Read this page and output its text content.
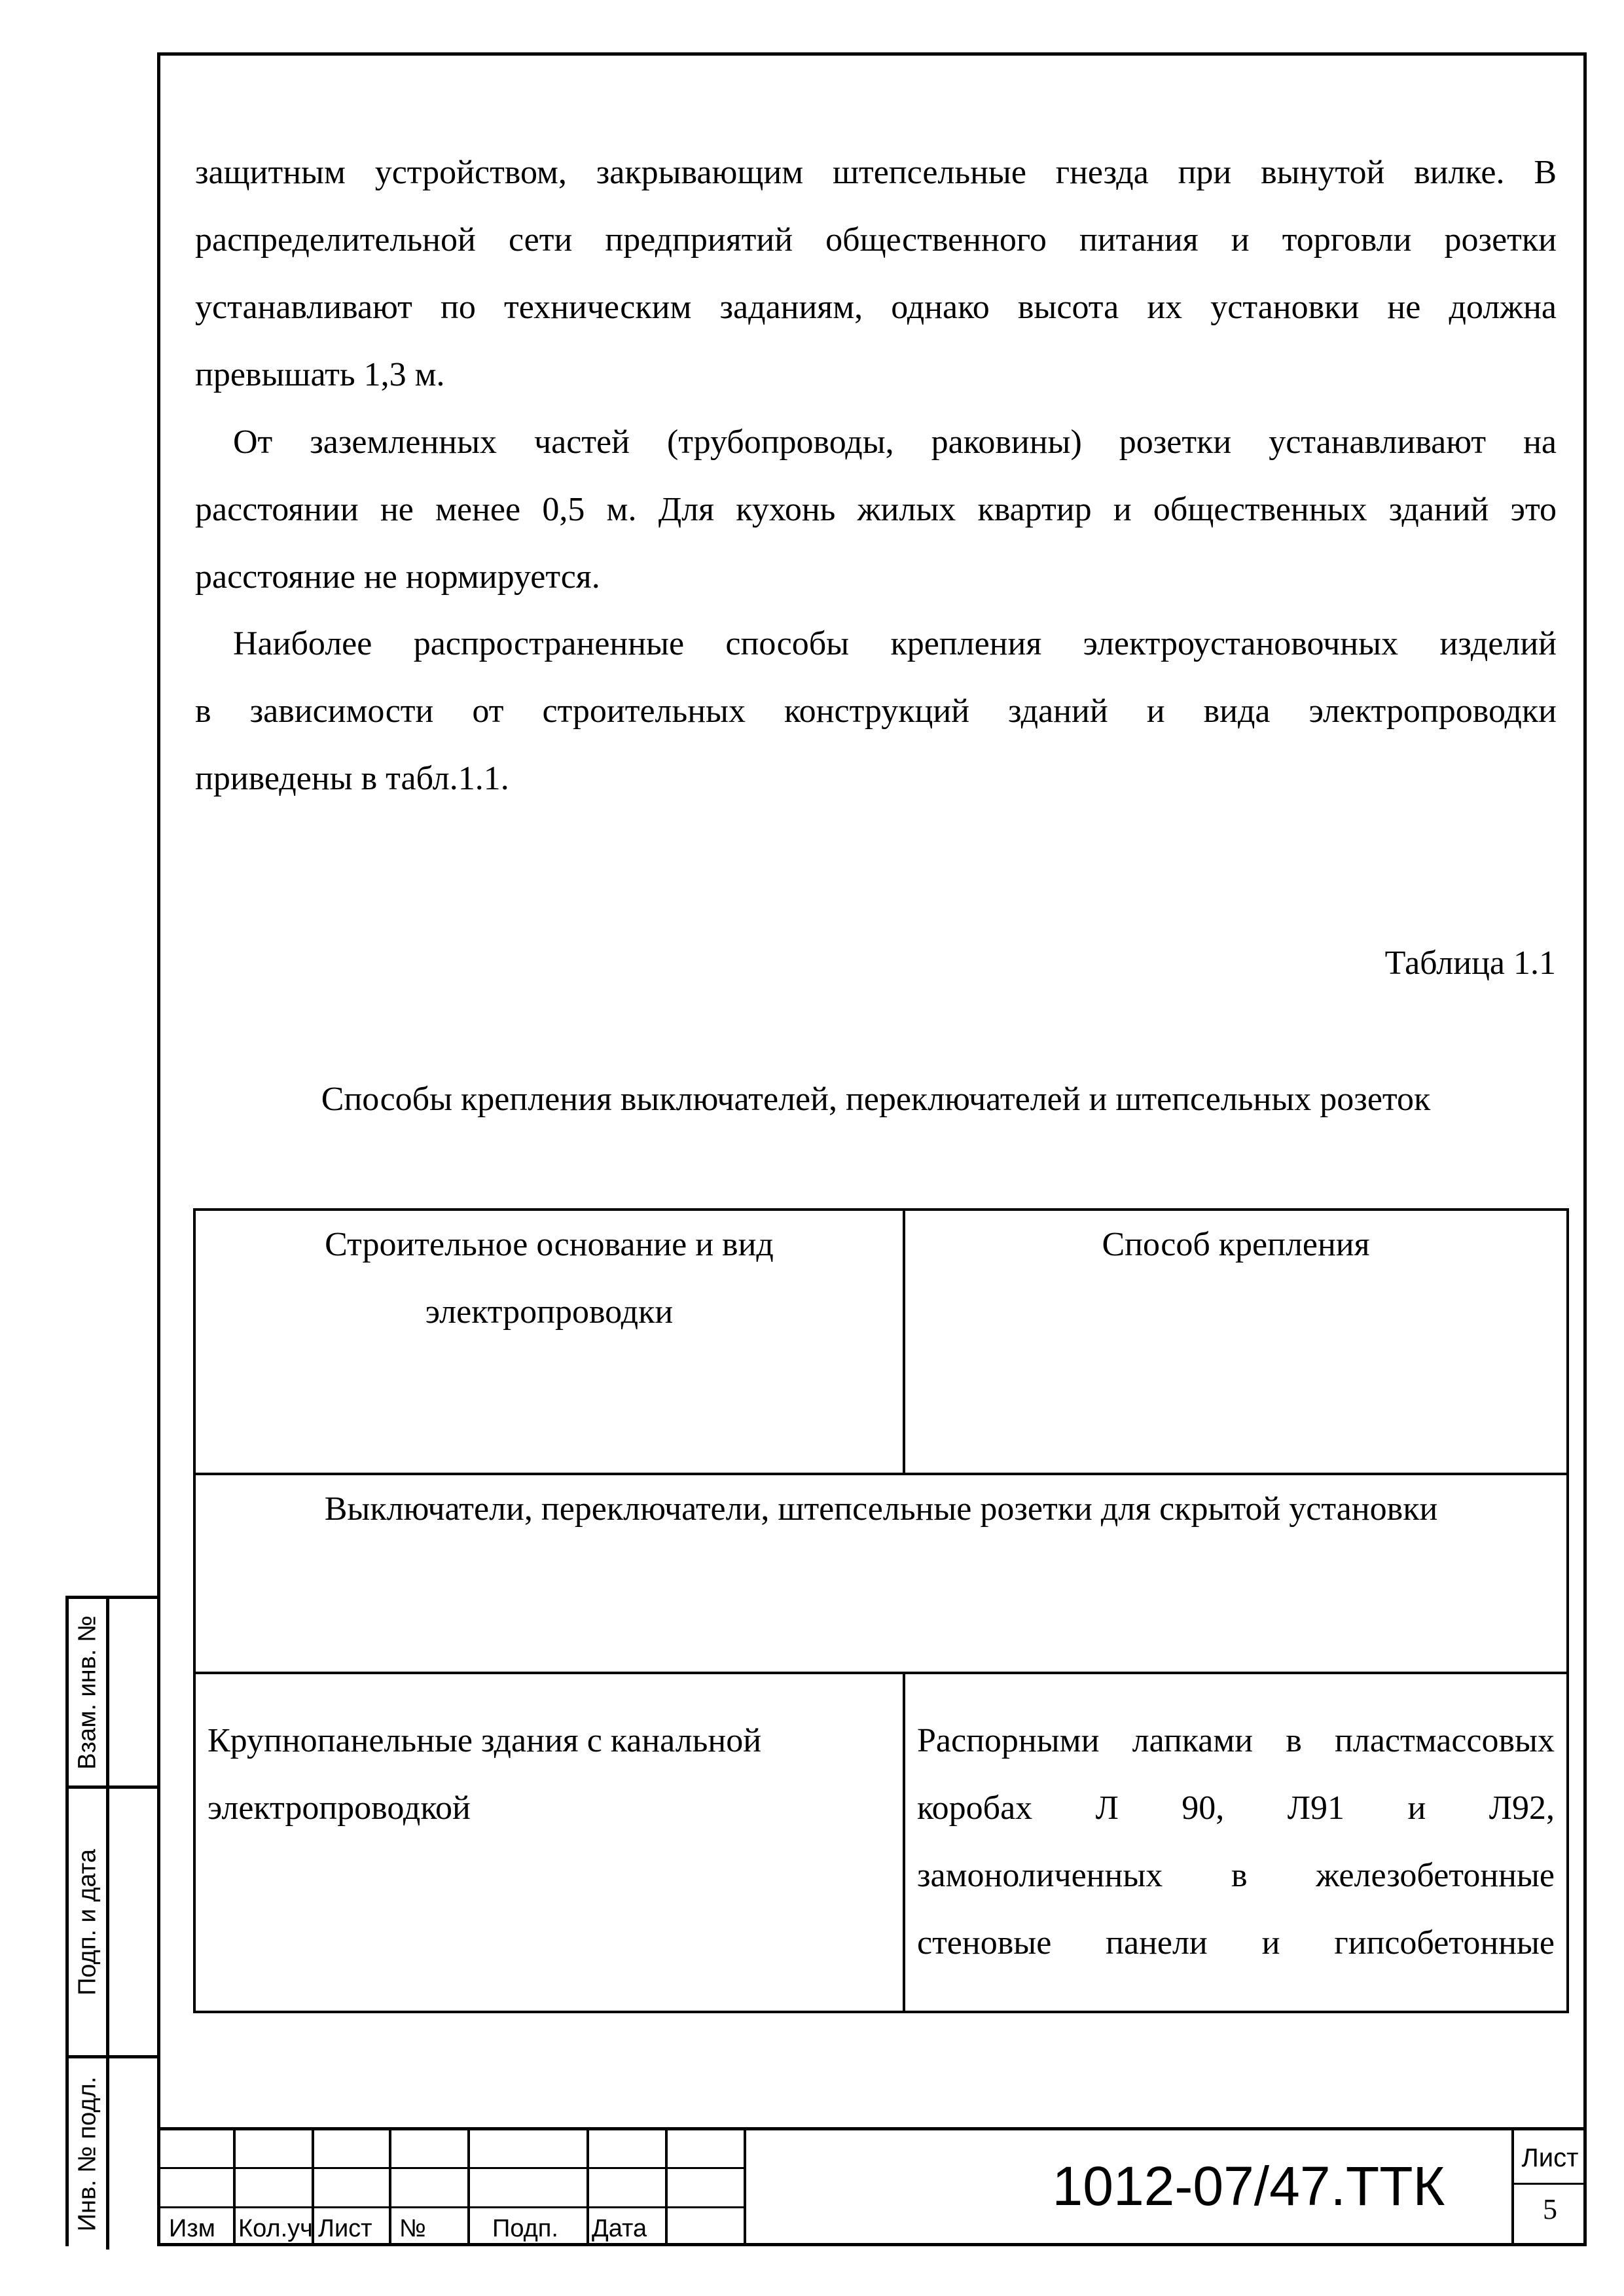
защитным устройством, закрывающим штепсельные гнезда при вынутой вилке. В
распределительной сети предприятий общественного питания и торговли розетки
устанавливают по техническим заданиям, однако высота их установки не должна
превышать 1,3 м.

От заземленных частей (трубопроводы, раковины) розетки устанавливают на
расстоянии не менее 0,5 м. Для кухонь жилых квартир и общественных зданий это
расстояние не нормируется.

Наиболее распространенные способы крепления электроустановочных изделий
в зависимости от строительных конструкций зданий и вида электропроводки
приведены в табл.1.1.

Таблица 1.1
Способы крепления выключателей, переключателей и штепсельных розеток
Строительное основание и вид электропроводки	Способ крепления
Выключатели, переключатели, штепсельные розетки для скрытой установки	
Крупнопанельные здания с канальной электропроводкой	Распорными лапками в пластмассовых
коробах Л 90, Л91 и Л92,
замоноличенных в железобетонные
стеновые панели и гипсобетонные
Взам. инв. №
Подп. и дата
Инв. № подл.	Изм Кол.уч Лист №	Подп. Дата
1012-07/47.ТТК	Лист
5
